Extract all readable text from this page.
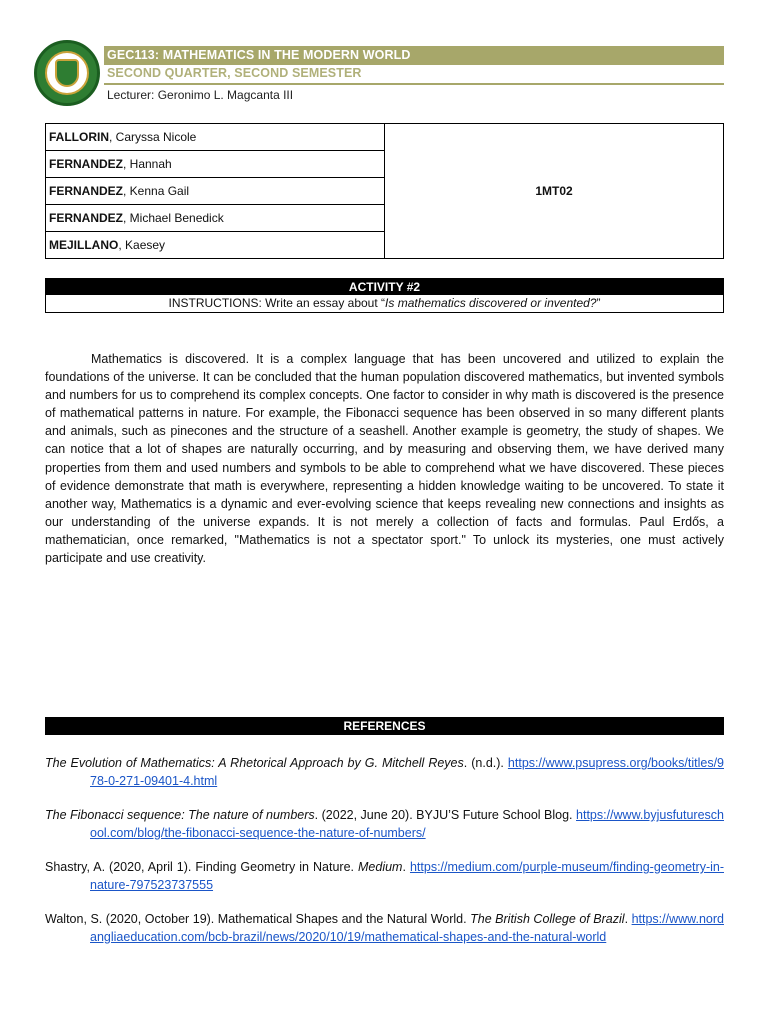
GEC113: MATHEMATICS IN THE MODERN WORLD
SECOND QUARTER, SECOND SEMESTER
Lecturer: Geronimo L. Magcanta III
FALLORIN, Caryssa Nicole	1MT02
FERNANDEZ, Hannah
FERNANDEZ, Kenna Gail
FERNANDEZ, Michael Benedick
MEJILLANO, Kaesey
ACTIVITY #2
INSTRUCTIONS: Write an essay about “Is mathematics discovered or invented?”

Mathematics is discovered. It is a complex language that has been uncovered and utilized to explain the foundations of the universe. It can be concluded that the human population discovered mathematics, but invented symbols and numbers for us to comprehend its complex concepts. One factor to consider in why math is discovered is the presence of mathematical patterns in nature. For example, the Fibonacci sequence has been observed in so many different plants and animals, such as pinecones and the structure of a seashell. Another example is geometry, the study of shapes. We can notice that a lot of shapes are naturally occurring, and by measuring and observing them, we have derived many properties from them and used numbers and symbols to be able to comprehend what we have discovered. These pieces of evidence demonstrate that math is everywhere, representing a hidden knowledge waiting to be uncovered. To state it another way, Mathematics is a dynamic and ever-evolving science that keeps revealing new connections and insights as our understanding of the universe expands. It is not merely a collection of facts and formulas. Paul Erdős, a mathematician, once remarked, "Mathematics is not a spectator sport." To unlock its mysteries, one must actively participate and use creativity.

REFERENCES

The Evolution of Mathematics: A Rhetorical Approach by G. Mitchell Reyes. (n.d.). https://www.psupress.org/books/titles/978-0-271-09401-4.html

The Fibonacci sequence: The nature of numbers. (2022, June 20). BYJU’S Future School Blog. https://www.byjusfutureschool.com/blog/the-fibonacci-sequence-the-nature-of-numbers/

Shastry, A. (2020, April 1). Finding Geometry in Nature. Medium. https://medium.com/purple-museum/finding-geometry-in-nature-797523737555

Walton, S. (2020, October 19). Mathematical Shapes and the Natural World. The British College of Brazil. https://www.nordangliaeducation.com/bcb-brazil/news/2020/10/19/mathematical-shapes-and-the-natural-world
